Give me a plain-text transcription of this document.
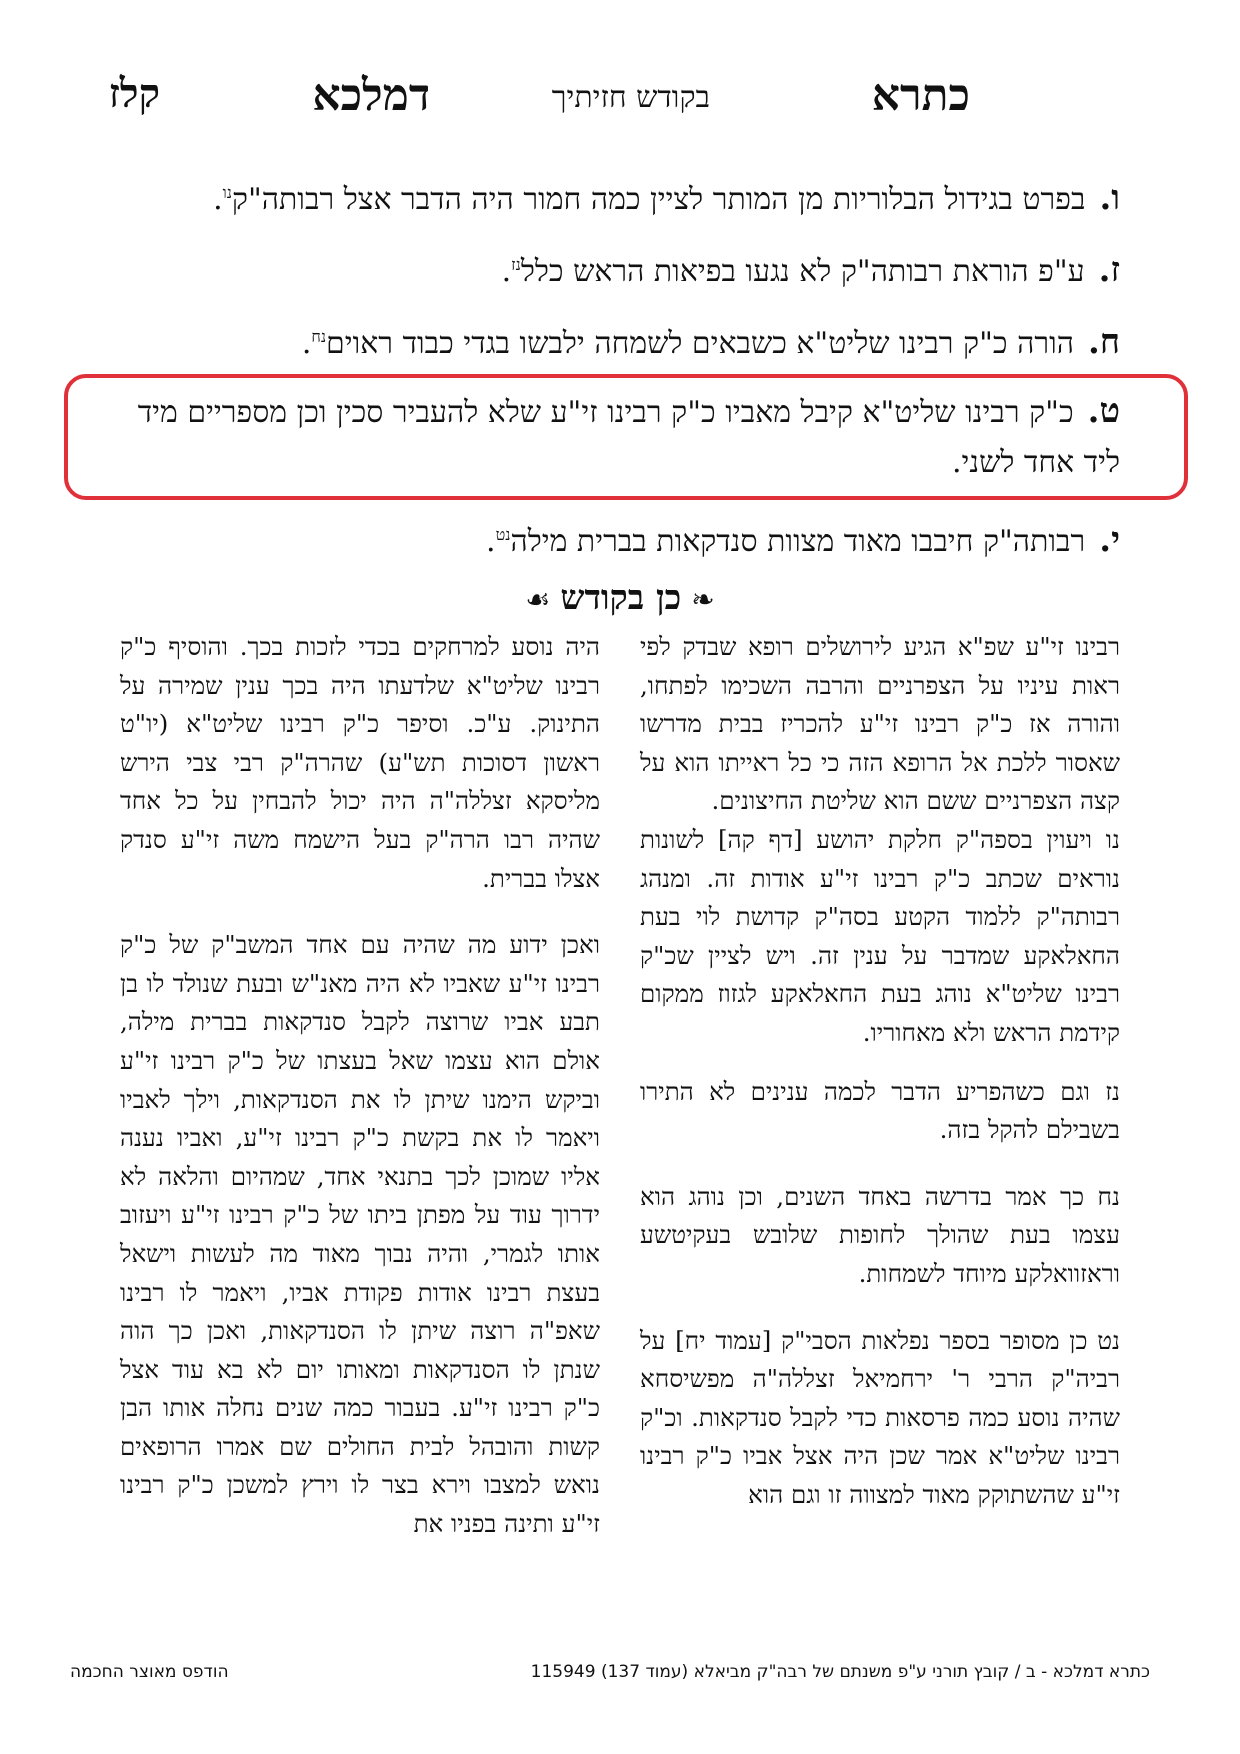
כתרא
בקודש חזיתיך
דמלכא
קלז
ו.בפרט בגידול הבלוריות מן המותר לציין כמה חמור היה הדבר אצל רבותה"ק$^{נו}$.
ז.ע"פ הוראת רבותה"ק לא נגעו בפיאות הראש כלל$^{נז}$.
ח.הורה כ"ק רבינו שליט"א כשבאים לשמחה ילבשו בגדי כבוד ראוים$^{נח}$.
ט.כ"ק רבינו שליט"א קיבל מאביו כ"ק רבינו זי"ע שלא להעביר סכין וכן מספריים מיד
ליד אחד לשני.
י.רבותה"ק חיבבו מאוד מצוות סנדקאות בברית מילה$^{נט}$.
❧כן בקודש☙

רבינו זי"ע שפ"א הגיע לירושלים רופא שבדק לפי ראות עיניו על הצפרניים והרבה השכימו לפתחו, והורה אז כ"ק רבינו זי"ע להכריז בבית מדרשו שאסור ללכת אל הרופא הזה כי כל ראייתו הוא על קצה הצפרניים ששם הוא שליטת החיצונים.

נו ויעוין בספה"ק חלקת יהושע [דף קה] לשונות נוראים שכתב כ"ק רבינו זי"ע אודות זה. ומנהג רבותה"ק ללמוד הקטע בסה"ק קדושת לוי בעת החאלאקע שמדבר על ענין זה. ויש לציין שכ"ק רבינו שליט"א נוהג בעת החאלאקע לגזוז ממקום קידמת הראש ולא מאחוריו.

נז וגם כשהפריע הדבר לכמה ענינים לא התירו בשבילם להקל בזה.

נח כך אמר בדרשה באחד השנים, וכן נוהג הוא עצמו בעת שהולך לחופות שלובש בעקיטשע וראזוואלקע מיוחד לשמחות.

נט כן מסופר בספר נפלאות הסבי"ק [עמוד יח] על רביה"ק הרבי ר' ירחמיאל זצללה"ה מפשיסחא שהיה נוסע כמה פרסאות כדי לקבל סנדקאות. וכ"ק רבינו שליט"א אמר שכן היה אצל אביו כ"ק רבינו זי"ע שהשתוקק מאוד למצווה זו וגם הוא

היה נוסע למרחקים בכדי לזכות בכך. והוסיף כ"ק רבינו שליט"א שלדעתו היה בכך ענין שמירה על התינוק. ע"כ. וסיפר כ"ק רבינו שליט"א (יו"ט ראשון דסוכות תש"ע) שהרה"ק רבי צבי הירש מליסקא זצללה"ה היה יכול להבחין על כל אחד שהיה רבו הרה"ק בעל הישמח משה זי"ע סנדק אצלו בברית.

ואכן ידוע מה שהיה עם אחד המשב"ק של כ"ק רבינו זי"ע שאביו לא היה מאנ"ש ובעת שנולד לו בן תבע אביו שרוצה לקבל סנדקאות בברית מילה, אולם הוא עצמו שאל בעצתו של כ"ק רבינו זי"ע וביקש הימנו שיתן לו את הסנדקאות, וילך לאביו ויאמר לו את בקשת כ"ק רבינו זי"ע, ואביו נענה אליו שמוכן לכך בתנאי אחד, שמהיום והלאה לא ידרוך עוד על מפתן ביתו של כ"ק רבינו זי"ע ויעזוב אותו לגמרי, והיה נבוך מאוד מה לעשות וישאל בעצת רבינו אודות פקודת אביו, ויאמר לו רבינו שאפ"ה רוצה שיתן לו הסנדקאות, ואכן כך הוה שנתן לו הסנדקאות ומאותו יום לא בא עוד אצל כ"ק רבינו זי"ע. בעבור כמה שנים נחלה אותו הבן קשות והובהל לבית החולים שם אמרו הרופאים נואש למצבו וירא בצר לו וירץ למשכן כ"ק רבינו זי"ע ותינה בפניו את

כתרא דמלכא - ב / קובץ תורני ע"פ משנתם של רבה"ק מביאלא (עמוד 137) 115949
הודפס מאוצר החכמה
